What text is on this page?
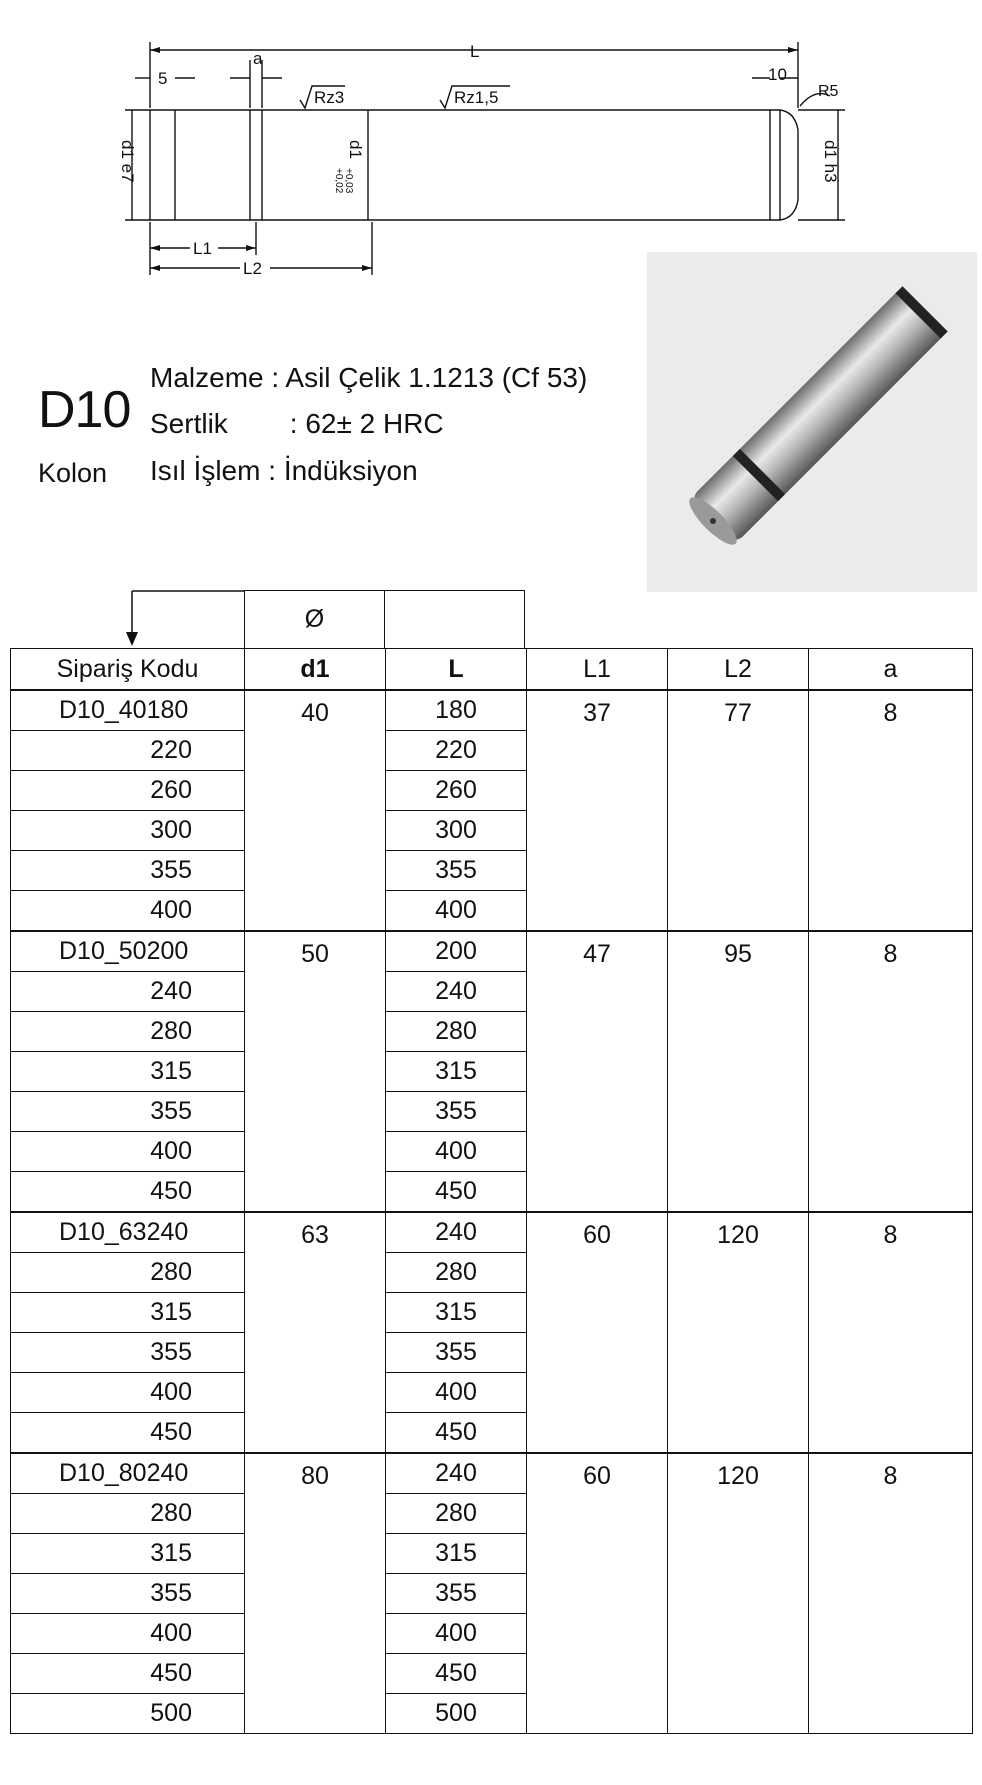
L
a
5	10
Rz3	Rz1,5	R5
d1 e7	d1 h3
d1
+0,02 +0,03
L1
L2
D10
Kolon
Malzeme : Asil Çelik 1.1213 (Cf 53)
Sertlik : 62± 2 HRC
Isıl İşlem : İndüksiyon
Ø
Sipariş Kodu	d1	L	L1	L2	a
D10_40180	40	180	37	77	8
220		220			
260		260			
300		300			
355		355			
400		400			
D10_50200	50	200	47	95	8
240		240			
280		280			
315		315			
355		355			
400		400			
450		450			
D10_63240	63	240	60	120	8
280		280			
315		315			
355		355			
400		400			
450		450			
D10_80240	80	240	60	120	8
280		280			
315		315			
355		355			
400		400			
450		450			
500		500			
